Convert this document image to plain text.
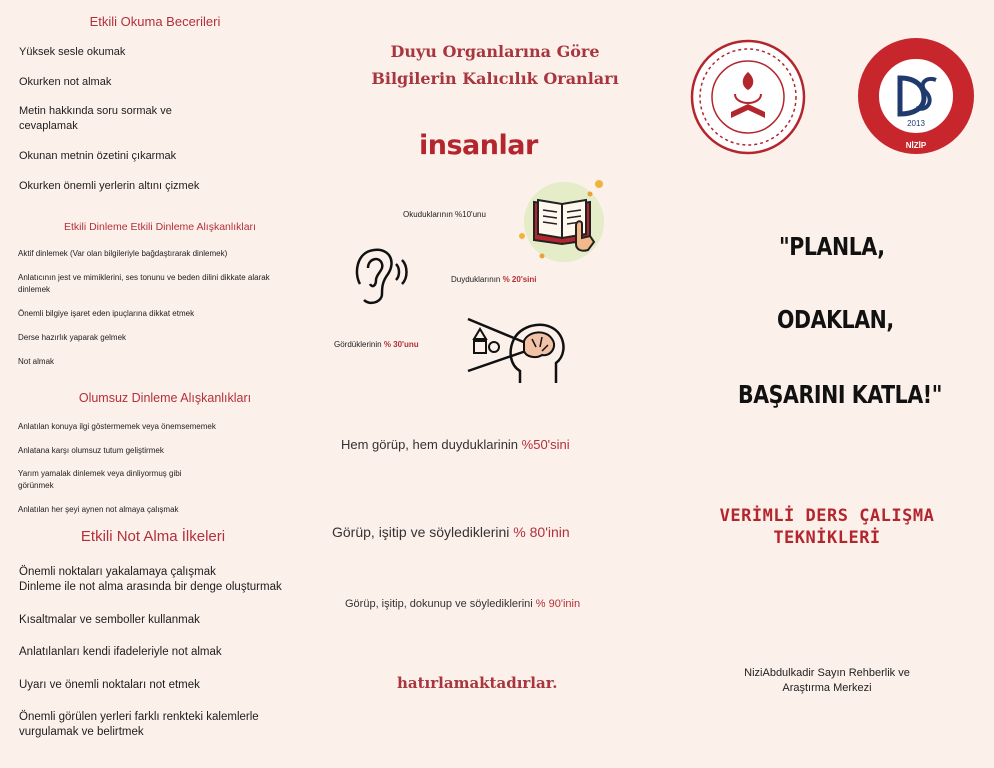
Etkili Okuma Becerileri
Yüksek sesle okumak
Okurken not almak
Metin hakkında soru sormak ve
cevaplamak
Okunan metnin özetini çıkarmak
Okurken önemli yerlerin altını çizmek
Etkili Dinleme Etkili Dinleme Alışkanlıkları
Aktif dinlemek (Var olan bilgileriyle bağdaştırarak dinlemek)
Anlatıcının jest ve mimiklerini, ses tonunu ve beden dilini dikkate alarak
dinlemek
Önemli bilgiye işaret eden ipuçlarına dikkat etmek
Derse hazırlık yaparak gelmek
Not almak
Olumsuz Dinleme Alışkanlıkları
Anlatılan konuya ilgi göstermemek veya önemsememek
Anlatana karşı olumsuz tutum geliştirmek
Yarım yamalak dinlemek veya dinliyormuş gibi
görünmek
Anlatılan her şeyi aynen not almaya çalışmak
Etkili Not Alma İlkeleri
Önemli noktaları yakalamaya çalışmak
Dinleme ile not alma arasında bir denge oluşturmak
Kısaltmalar ve semboller kullanmak
Anlatılanları kendi ifadeleriyle not almak
Uyarı ve önemli noktaları not etmek
Önemli görülen yerleri farklı renkteki kalemlerle
vurgulamak ve belirtmek
Duyu Organlarına Göre
Bilgilerin Kalıcılık Oranları
insanlar
Okuduklarının %10'unu
Duyduklarının % 20'sini
Gördüklerinin % 30'unu
Hem görüp, hem duyduklarinin %50'sini
Görüp, işitip ve söylediklerini % 80'inin
Görüp, işitip, dokunup ve söylediklerini % 90'inin
hatırlamaktadırlar.
2013
NİZİP
"PLANLA,
ODAKLAN,
BAŞARINI KATLA!"
VERİMLİ DERS ÇALIŞMA
TEKNİKLERİ
NiziAbdulkadir Sayın Rehberlik ve
Araştırma Merkezi
